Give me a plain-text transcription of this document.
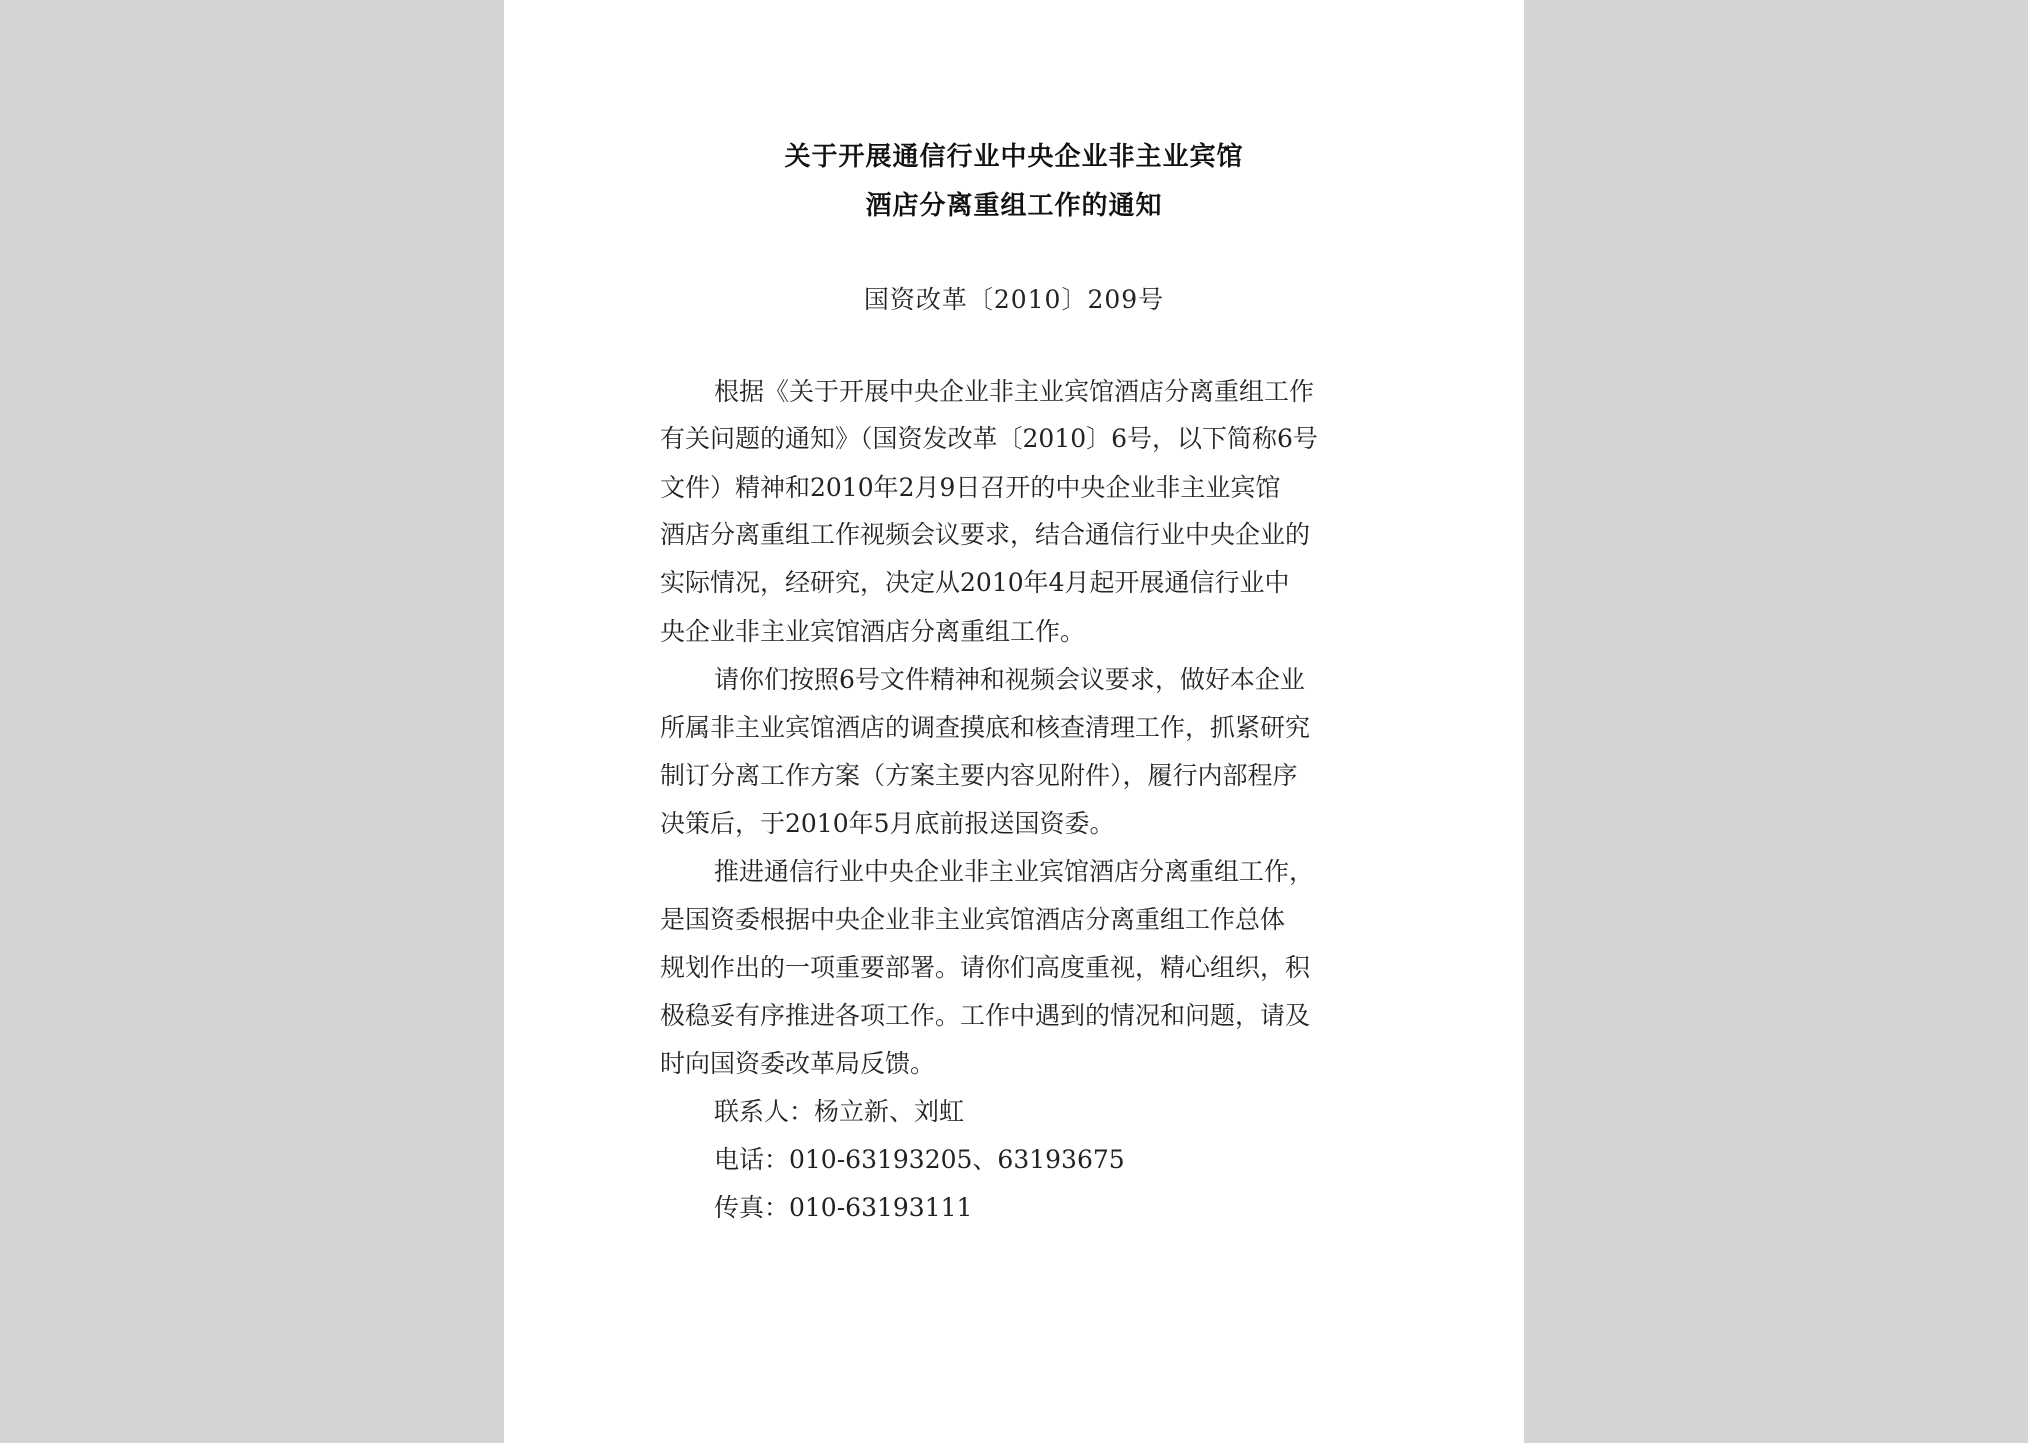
关于开展通信行业中央企业非主业宾馆
酒店分离重组工作的通知
国资改革〔2010〕209号
根据《关于开展中央企业非主业宾馆酒店分离重组工作
有关问题的通知》（国资发改革〔2010〕6号，以下简称6号
文件）精神和2010年2月9日召开的中央企业非主业宾馆
酒店分离重组工作视频会议要求，结合通信行业中央企业的
实际情况，经研究，决定从2010年4月起开展通信行业中
央企业非主业宾馆酒店分离重组工作。
请你们按照6号文件精神和视频会议要求，做好本企业
所属非主业宾馆酒店的调查摸底和核查清理工作，抓紧研究
制订分离工作方案（方案主要内容见附件），履行内部程序
决策后，于2010年5月底前报送国资委。
推进通信行业中央企业非主业宾馆酒店分离重组工作，
是国资委根据中央企业非主业宾馆酒店分离重组工作总体
规划作出的一项重要部署。请你们高度重视，精心组织，积
极稳妥有序推进各项工作。工作中遇到的情况和问题，请及
时向国资委改革局反馈。
联系人：杨立新、刘虹
电话：010-63193205、63193675
传真：010-63193111
